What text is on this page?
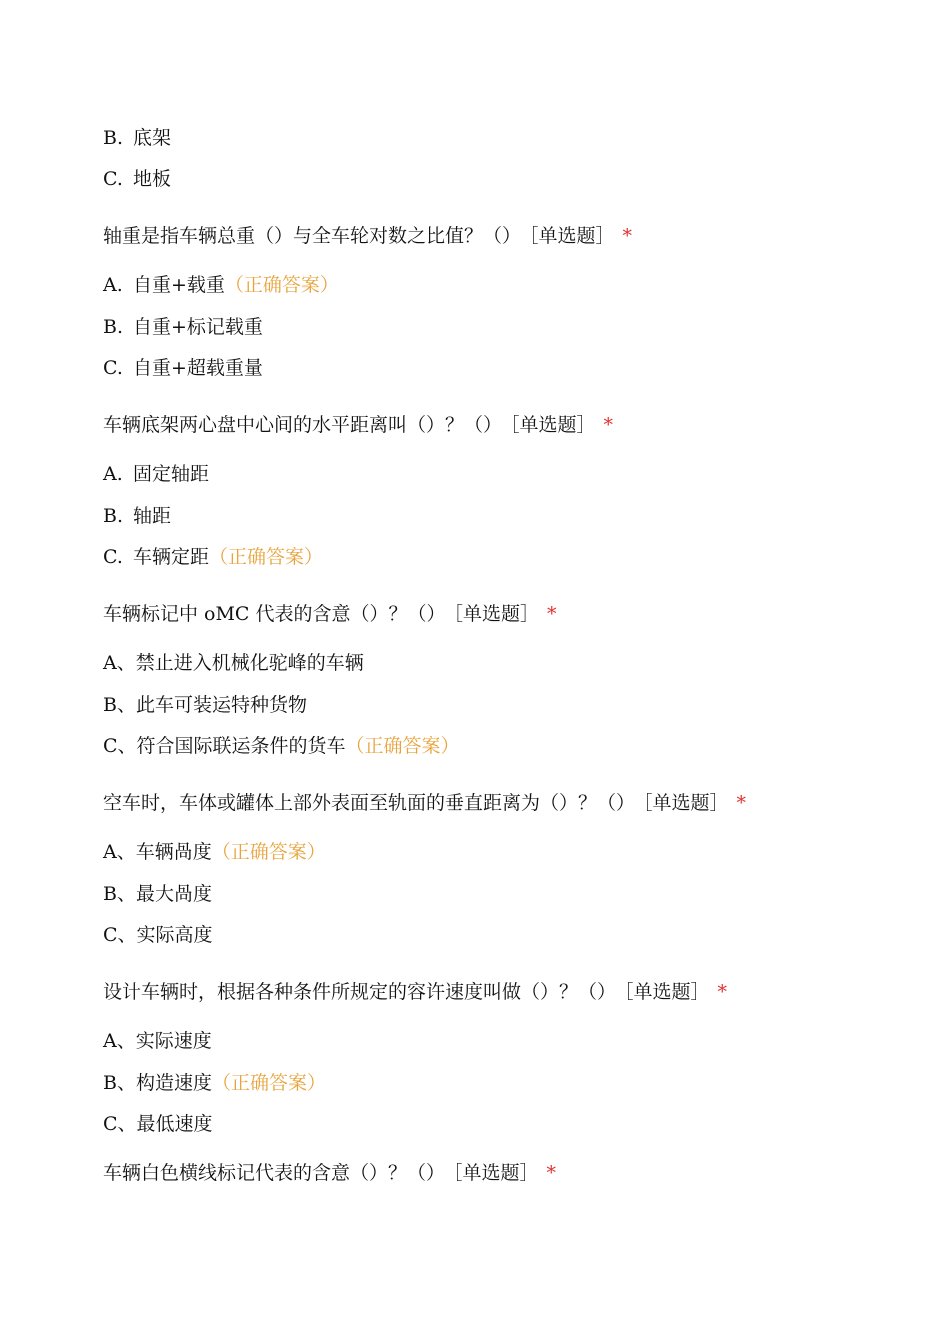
B. 底架
C. 地板
轴重是指车辆总重（）与全车轮对数之比值？（） ［单选题］ *
A. 自重+载重（正确答案）
B. 自重+标记载重
C. 自重+超载重量
车辆底架两心盘中心间的水平距离叫（）？（） ［单选题］ *
A. 固定轴距
B. 轴距
C. 车辆定距（正确答案）
车辆标记中 oMC 代表的含意（）？（） ［单选题］ *
A、禁止进入机械化驼峰的车辆
B、此车可装运特种货物
C、符合国际联运条件的货车（正确答案）
空车时，车体或罐体上部外表面至轨面的垂直距离为（）？（） ［单选题］ *
A、车辆咼度（正确答案）
B、最大咼度
C、实际高度
设计车辆时，根据各种条件所规定的容许速度叫做（）？（） ［单选题］ *
A、实际速度
B、构造速度（正确答案）
C、最低速度
车辆白色横线标记代表的含意（）？（） ［单选题］ *
